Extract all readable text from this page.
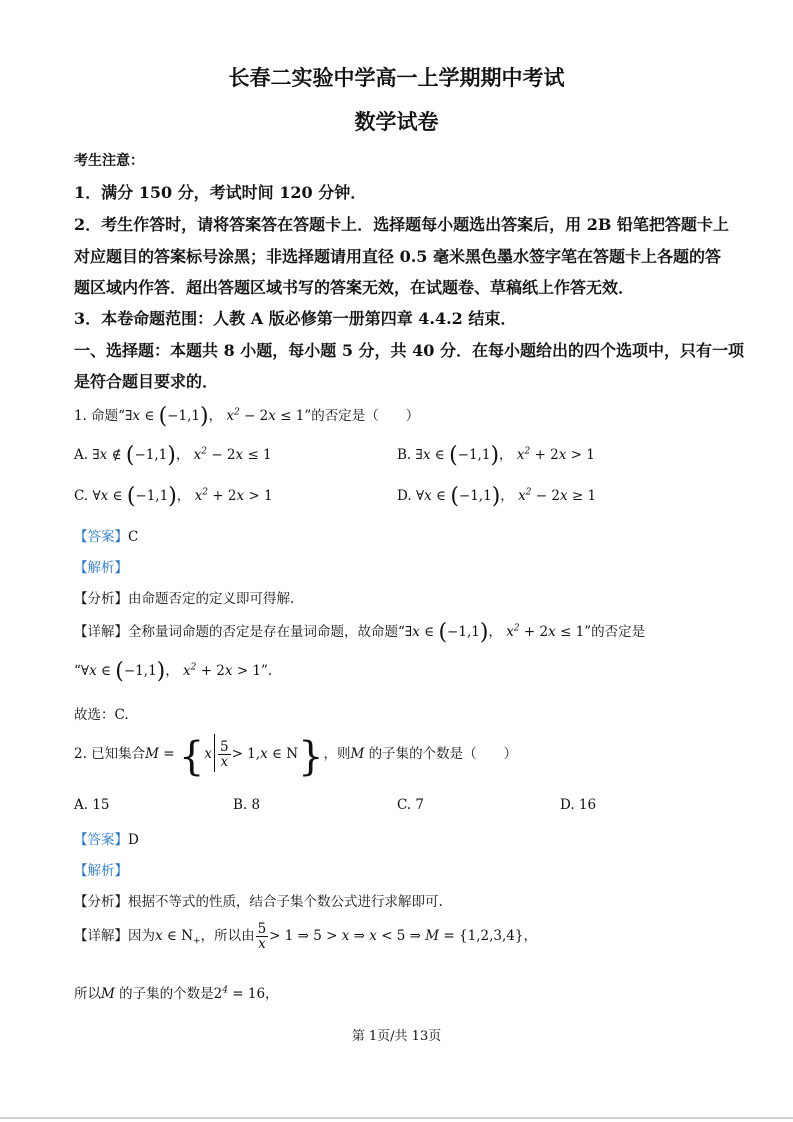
长春二实验中学高一上学期期中考试
数学试卷
考生注意：
1．满分 150 分，考试时间 120 分钟．
2．考生作答时，请将答案答在答题卡上．选择题每小题选出答案后，用 2B 铅笔把答题卡上
对应题目的答案标号涂黑；非选择题请用直径 0.5 毫米黑色墨水签字笔在答题卡上各题的答
题区域内作答．超出答题区域书写的答案无效，在试题卷、草稿纸上作答无效．
3．本卷命题范围：人教 A 版必修第一册第四章 4.4.2 结束．
一、选择题：本题共 8 小题，每小题 5 分，共 40 分．在每小题给出的四个选项中，只有一项
是符合题目要求的．
1. 命题“∃x ∈ (−1,1)， $x^2 - 2x \le 1$”的否定是（　　）
A. ∃x ∉ (−1,1)， $x^2 - 2x \le 1$	B. ∃x ∈ (−1,1)， $x^2 + 2x > 1$
C. ∀x ∈ (−1,1)， $x^2 + 2x > 1$	D. ∀x ∈ (−1,1)， $x^2 - 2x \ge 1$
【答案】C
【解析】
【分析】由命题否定的定义即可得解.
【详解】全称量词命题的否定是存在量词命题，故命题“∃x ∈ (−1,1)， $x^2 + 2x \le 1$”的否定是
“∀x ∈ (−1,1)， $x^2 + 2x > 1$”.
故选：C.
2. 已知集合$M = \{x \frac{5}{x} > 1,x$ ∈ N}，则M 的子集的个数是（　　）
A. 15	B. 8	C. 7	D. 16
【答案】D
【解析】
【分析】根据不等式的性质，结合子集个数公式进行求解即可.
【详解】因为x ∈ $N_+$，所以由 $\frac{5}{x} > 1$ ⇒ 5 > x ⇒ x < 5 ⇒ M = {1,2,3,4}，
所以M 的子集的个数是$2^4 = 16$，
第 1页/共 13页
